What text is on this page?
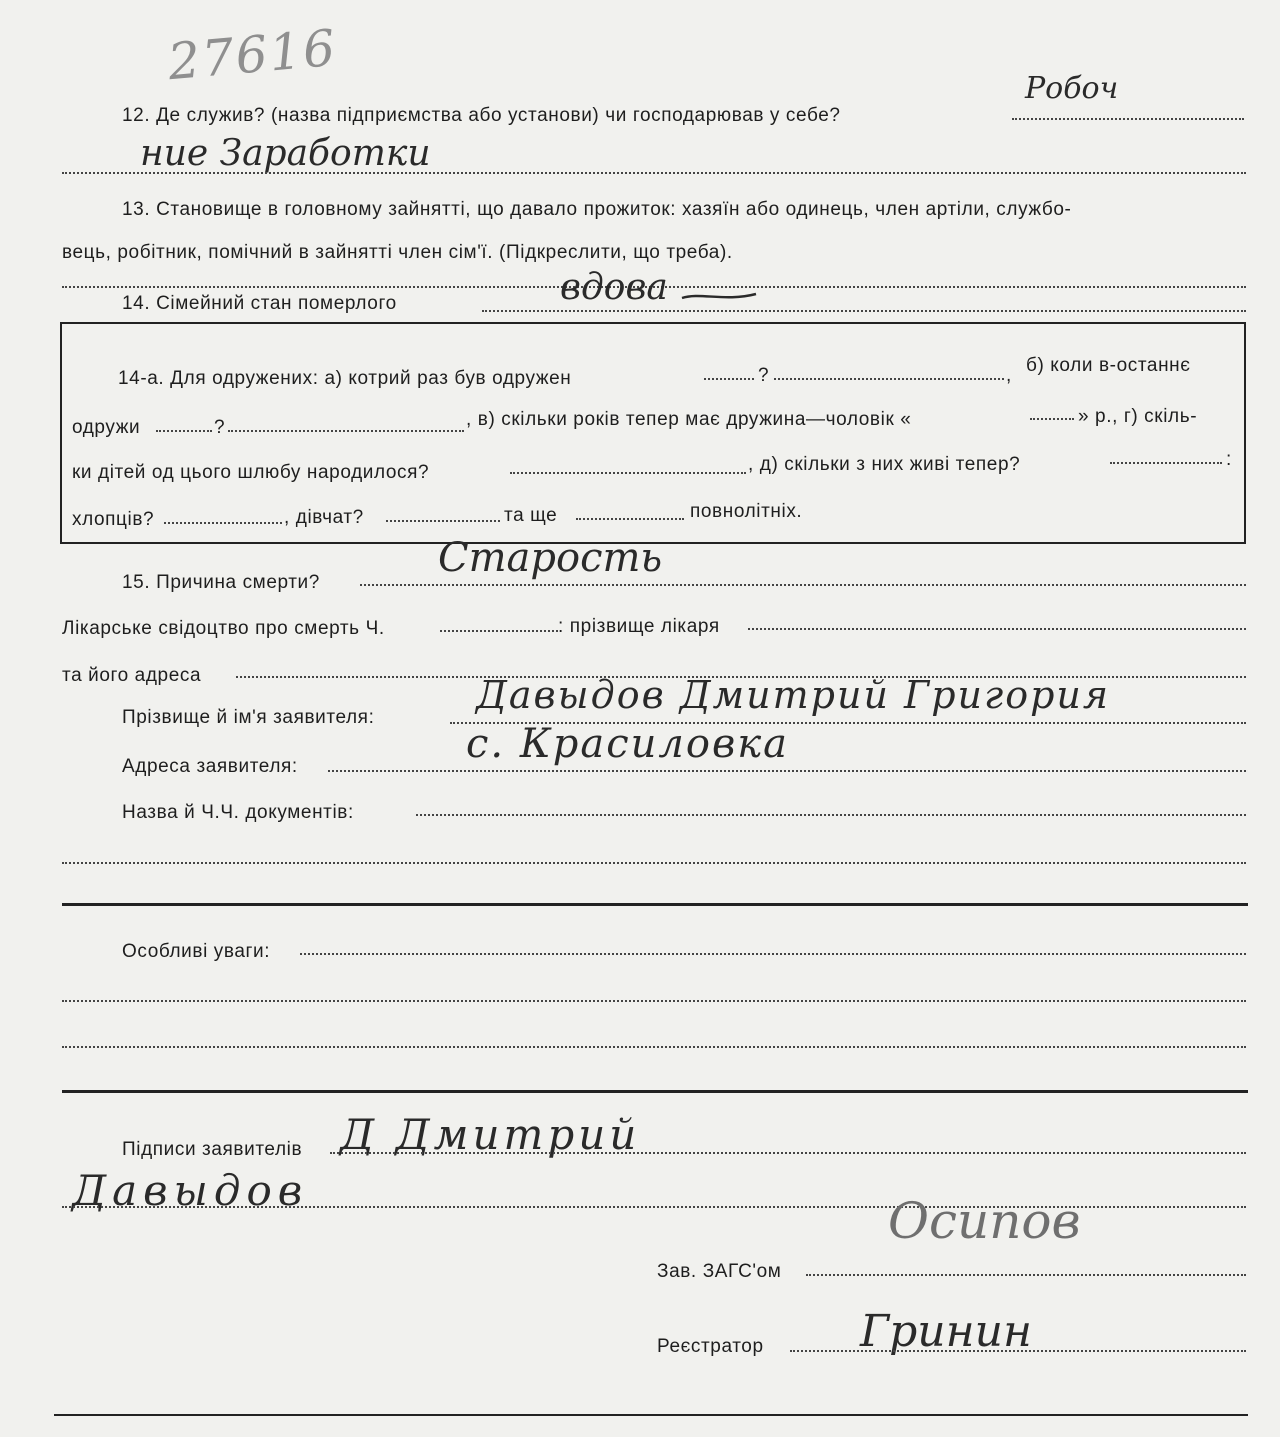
27616	Робоч
12. Де служив? (назва підприємства або установи) чи господарював у себе?
ние Заработки
13. Становище в головному зайнятті, що давало прожиток: хазяїн або одинець, член артіли, службо-
вець, робітник, помічний в зайнятті член сім'ї. (Підкреслити, що треба).
14. Сімейний стан померлого	вдова
14-а. Для одружених: а) котрий раз був одружен	?	, б) коли в-останнє
одружи	?	, в) скільки років тепер має дружина—чоловік «	» р., г) скіль-
ки дітей од цього шлюбу народилося?	, д) скільки з них живі тепер?	:
хлопців?	, дівчат?	та ще	повнолітніх.
Старость
15. Причина смерти?
Лікарське свідоцтво про смерть Ч.	: прізвище лікаря
та його адреса	Давыдов Дмитрий Григория
Прізвище й ім'я заявителя:
с. Красиловка
Адреса заявителя:
Назва й Ч.Ч. документів:
Особливі уваги:
Підписи заявителів Д Дмитрий
Давыдов
Осипов
Зав. ЗАГС'ом
Гринин
Реєстратор
